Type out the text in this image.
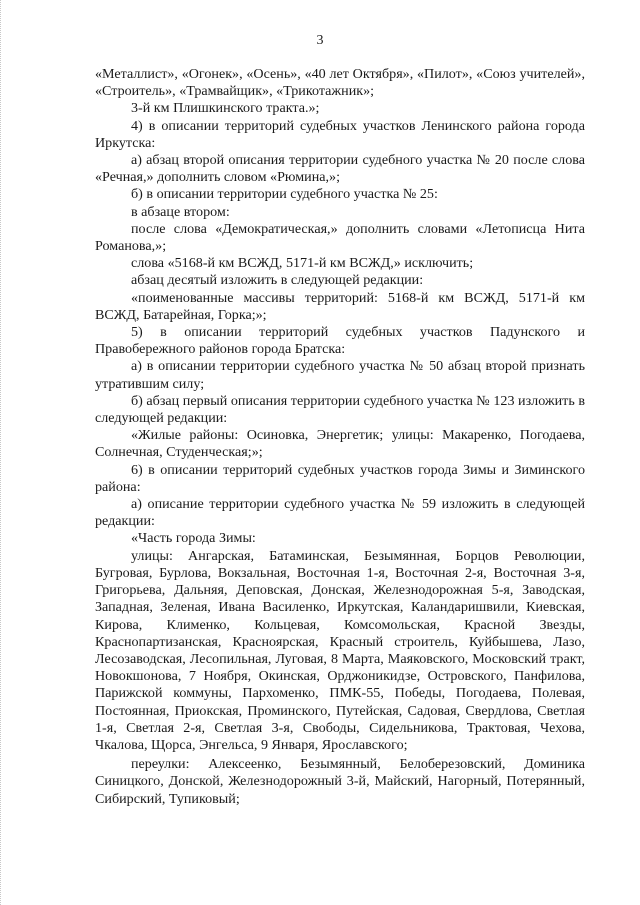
3

«Металлист», «Огонек», «Осень», «40 лет Октября», «Пилот», «Союз учителей», «Строитель», «Трамвайщик», «Трикотажник»;

3-й км Плишкинского тракта.»;

4) в описании территорий судебных участков Ленинского района города Иркутска:

а) абзац второй описания территории судебного участка № 20 после слова «Речная,» дополнить словом «Рюмина,»;

б) в описании территории судебного участка № 25:

в абзаце втором:

после слова «Демократическая,» дополнить словами «Летописца Нита Романова,»;

слова «5168-й км ВСЖД, 5171-й км ВСЖД,» исключить;

абзац десятый изложить в следующей редакции:

«поименованные массивы территорий: 5168-й км ВСЖД, 5171-й км ВСЖД, Батарейная, Горка;»;

5) в описании территорий судебных участков Падунского и Правобережного районов города Братска:

а) в описании территории судебного участка № 50 абзац второй признать утратившим силу;

б) абзац первый описания территории судебного участка № 123 изложить в следующей редакции:

«Жилые районы: Осиновка, Энергетик; улицы: Макаренко, Погодаева, Солнечная, Студенческая;»;

6) в описании территорий судебных участков города Зимы и Зиминского района:

а) описание территории судебного участка № 59 изложить в следующей редакции:

«Часть города Зимы:

улицы: Ангарская, Батаминская, Безымянная, Борцов Революции, Бугровая, Бурлова, Вокзальная, Восточная 1-я, Восточная 2-я, Восточная 3-я, Григорьева, Дальняя, Деповская, Донская, Железнодорожная 5-я, Заводская, Западная, Зеленая, Ивана Василенко, Иркутская, Каландаришвили, Киевская, Кирова, Клименко, Кольцевая, Комсомольская, Красной Звезды, Краснопартизанская, Красноярская, Красный строитель, Куйбышева, Лазо, Лесозаводская, Лесопильная, Луговая, 8 Марта, Маяковского, Московский тракт, Новокшонова, 7 Ноября, Окинская, Орджоникидзе, Островского, Панфилова, Парижской коммуны, Пархоменко, ПМК-55, Победы, Погодаева, Полевая, Постоянная, Приокская, Проминского, Путейская, Садовая, Свердлова, Светлая 1-я, Светлая 2-я, Светлая 3-я, Свободы, Сидельникова, Трактовая, Чехова, Чкалова, Щорса, Энгельса, 9 Января, Ярославского;

переулки: Алексеенко, Безымянный, Белоберезовский, Доминика Синицкого, Донской, Железнодорожный 3-й, Майский, Нагорный, Потерянный, Сибирский, Тупиковый;
